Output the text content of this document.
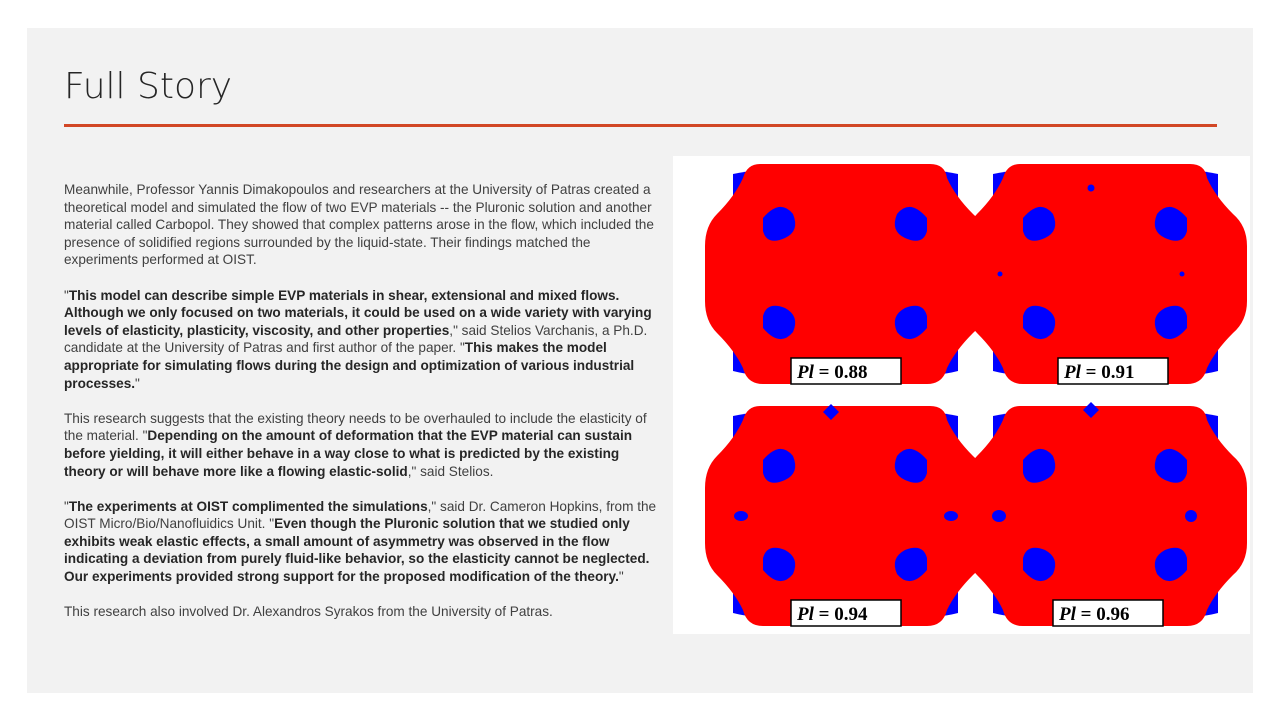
Full Story

Meanwhile, Professor Yannis Dimakopoulos and researchers at the University of Patras created a theoretical model and simulated the flow of two EVP materials -- the Pluronic solution and another material called Carbopol. They showed that complex patterns arose in the flow, which included the presence of solidified regions surrounded by the liquid-state. Their findings matched the experiments performed at OIST.

"This model can describe simple EVP materials in shear, extensional and mixed flows. Although we only focused on two materials, it could be used on a wide variety with varying levels of elasticity, plasticity, viscosity, and other properties," said Stelios Varchanis, a Ph.D. candidate at the University of Patras and first author of the paper. "This makes the model appropriate for simulating flows during the design and optimization of various industrial processes."

This research suggests that the existing theory needs to be overhauled to include the elasticity of the material. "Depending on the amount of deformation that the EVP material can sustain before yielding, it will either behave in a way close to what is predicted by the existing theory or will behave more like a flowing elastic-solid," said Stelios.

"The experiments at OIST complimented the simulations," said Dr. Cameron Hopkins, from the OIST Micro/Bio/Nanofluidics Unit. "Even though the Pluronic solution that we studied only exhibits weak elastic effects, a small amount of asymmetry was observed in the flow indicating a deviation from purely fluid-like behavior, so the elasticity cannot be neglected. Our experiments provided strong support for the proposed modification of the theory."

This research also involved Dr. Alexandros Syrakos from the University of Patras.

Pl = 0.88	Pl = 0.91
Pl = 0.94	Pl = 0.96
